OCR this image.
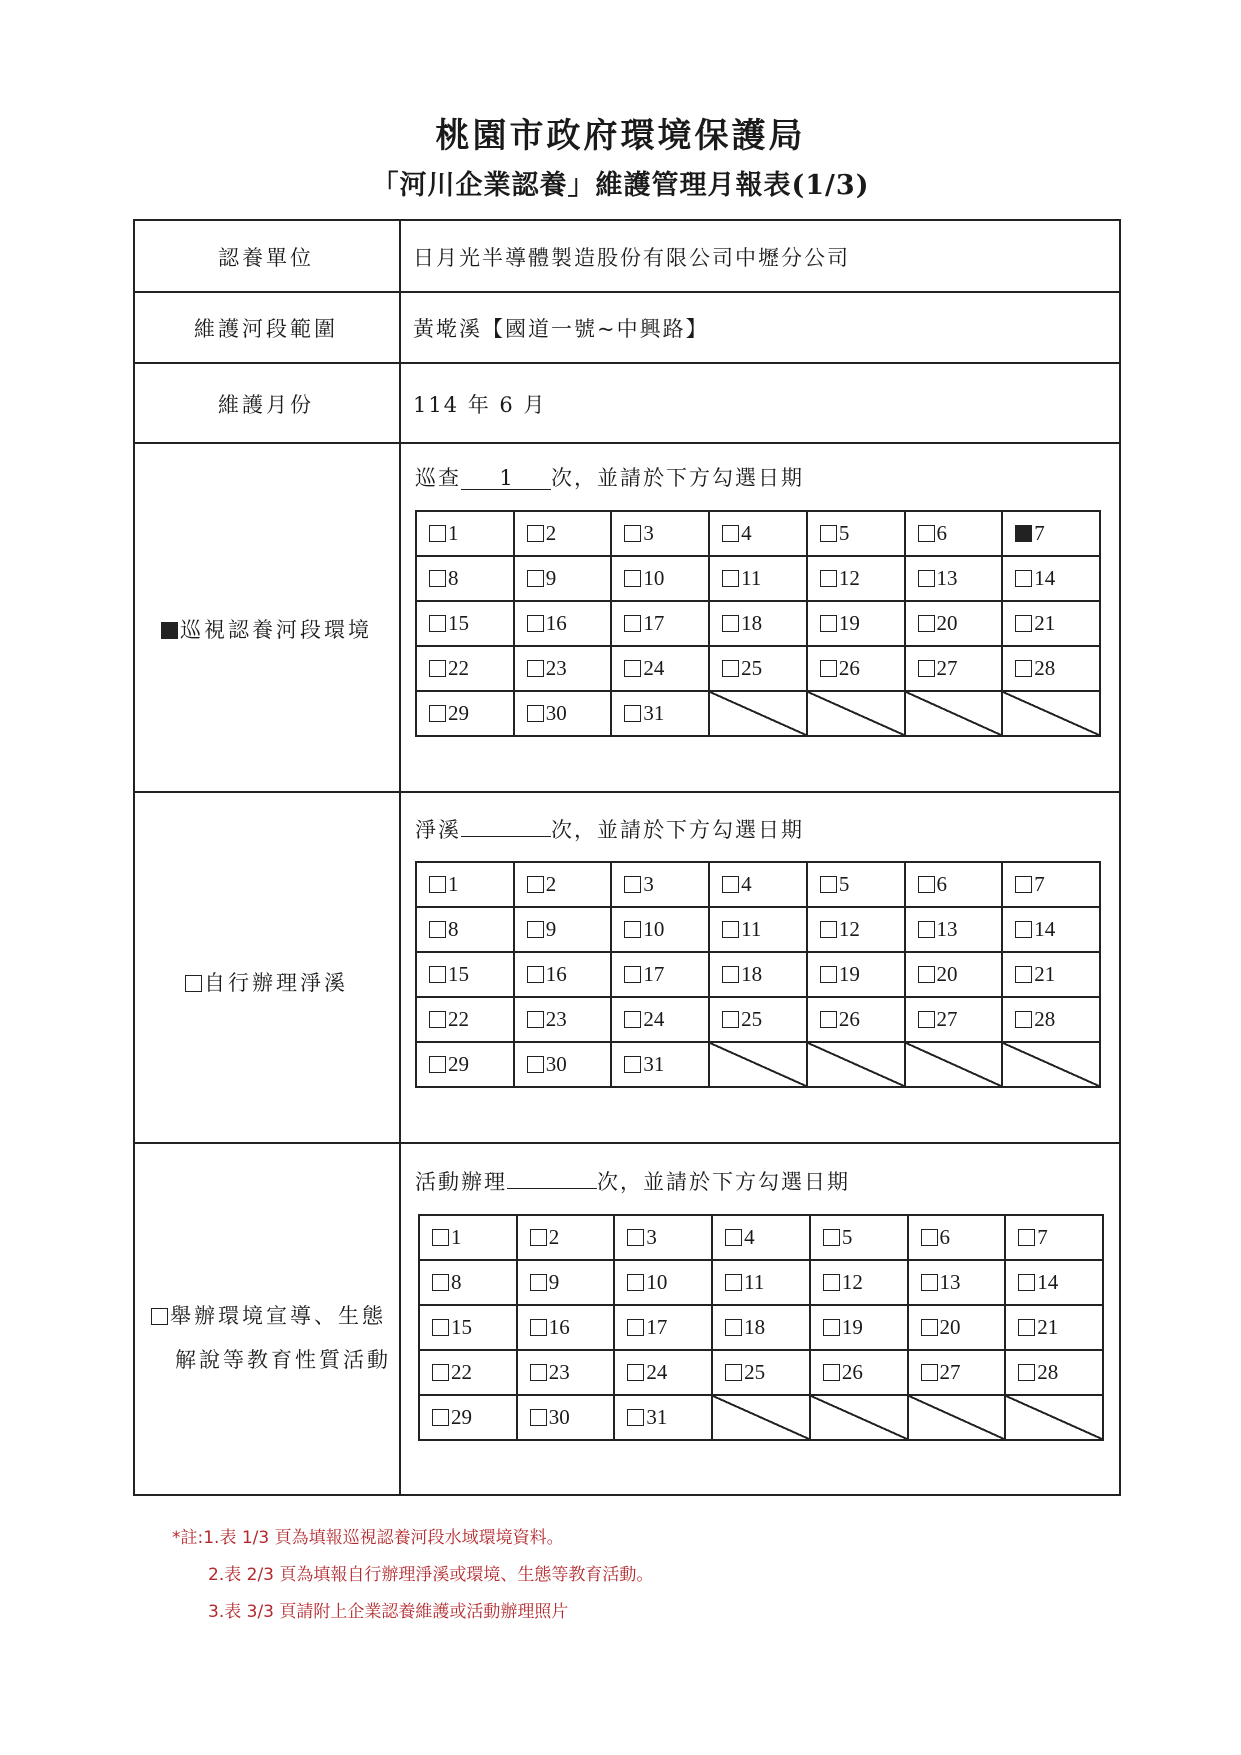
桃園市政府環境保護局
「河川企業認養」維護管理月報表(1/3)
認養單位	日月光半導體製造股份有限公司中壢分公司
維護河段範圍	黃墘溪【國道一號~中興路】
維護月份	114 年 6 月
巡視認養河段環境
巡查 1 次，並請於下方勾選日期
1	2	3	4	5	6	7
8	9	10	11	12	13	14
15	16	17	18	19	20	21
22	23	24	25	26	27	28
29	30	31				
自行辦理淨溪
淨溪	次，並請於下方勾選日期
1	2	3	4	5	6	7
8	9	10	11	12	13	14
15	16	17	18	19	20	21
22	23	24	25	26	27	28
29	30	31				
舉辦環境宣導、生態
解說等教育性質活動
活動辦理	次，並請於下方勾選日期
1	2	3	4	5	6	7
8	9	10	11	12	13	14
15	16	17	18	19	20	21
22	23	24	25	26	27	28
29	30	31				
*註:1.表 1/3 頁為填報巡視認養河段水域環境資料。
2.表 2/3 頁為填報自行辦理淨溪或環境、生態等教育活動。
3.表 3/3 頁請附上企業認養維護或活動辦理照片
